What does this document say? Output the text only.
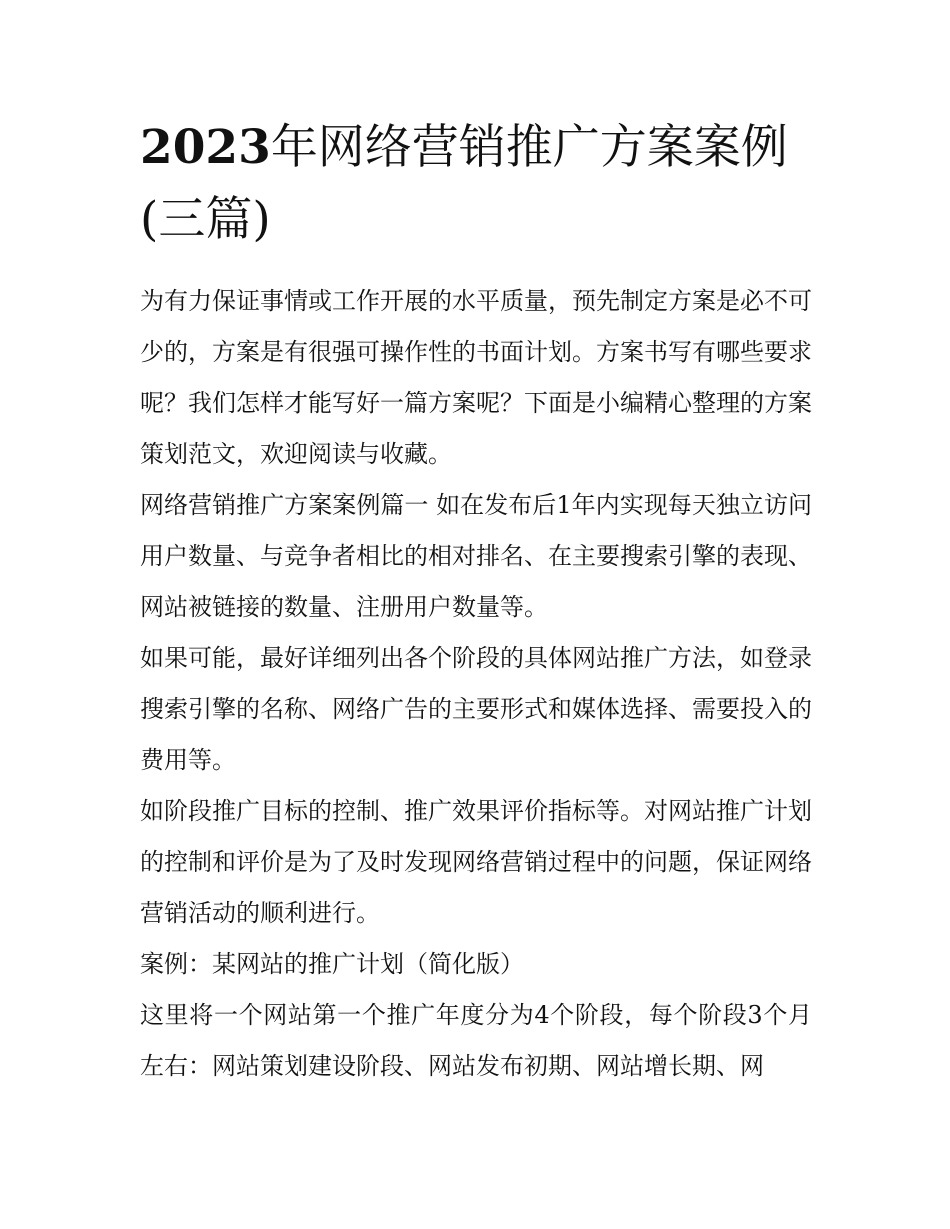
2023年网络营销推广方案案例
(三篇)

为有力保证事情或工作开展的水平质量，预先制定方案是必不可少的，方案是有很强可操作性的书面计划。方案书写有哪些要求呢？我们怎样才能写好一篇方案呢？下面是小编精心整理的方案策划范文，欢迎阅读与收藏。

网络营销推广方案案例篇一 如在发布后1年内实现每天独立访问用户数量、与竞争者相比的相对排名、在主要搜索引擎的表现、网站被链接的数量、注册用户数量等。

如果可能，最好详细列出各个阶段的具体网站推广方法，如登录搜索引擎的名称、网络广告的主要形式和媒体选择、需要投入的费用等。

如阶段推广目标的控制、推广效果评价指标等。对网站推广计划的控制和评价是为了及时发现网络营销过程中的问题，保证网络营销活动的顺利进行。

案例：某网站的推广计划（简化版）

这里将一个网站第一个推广年度分为4个阶段，每个阶段3个月左右：网站策划建设阶段、网站发布初期、网站增长期、网
